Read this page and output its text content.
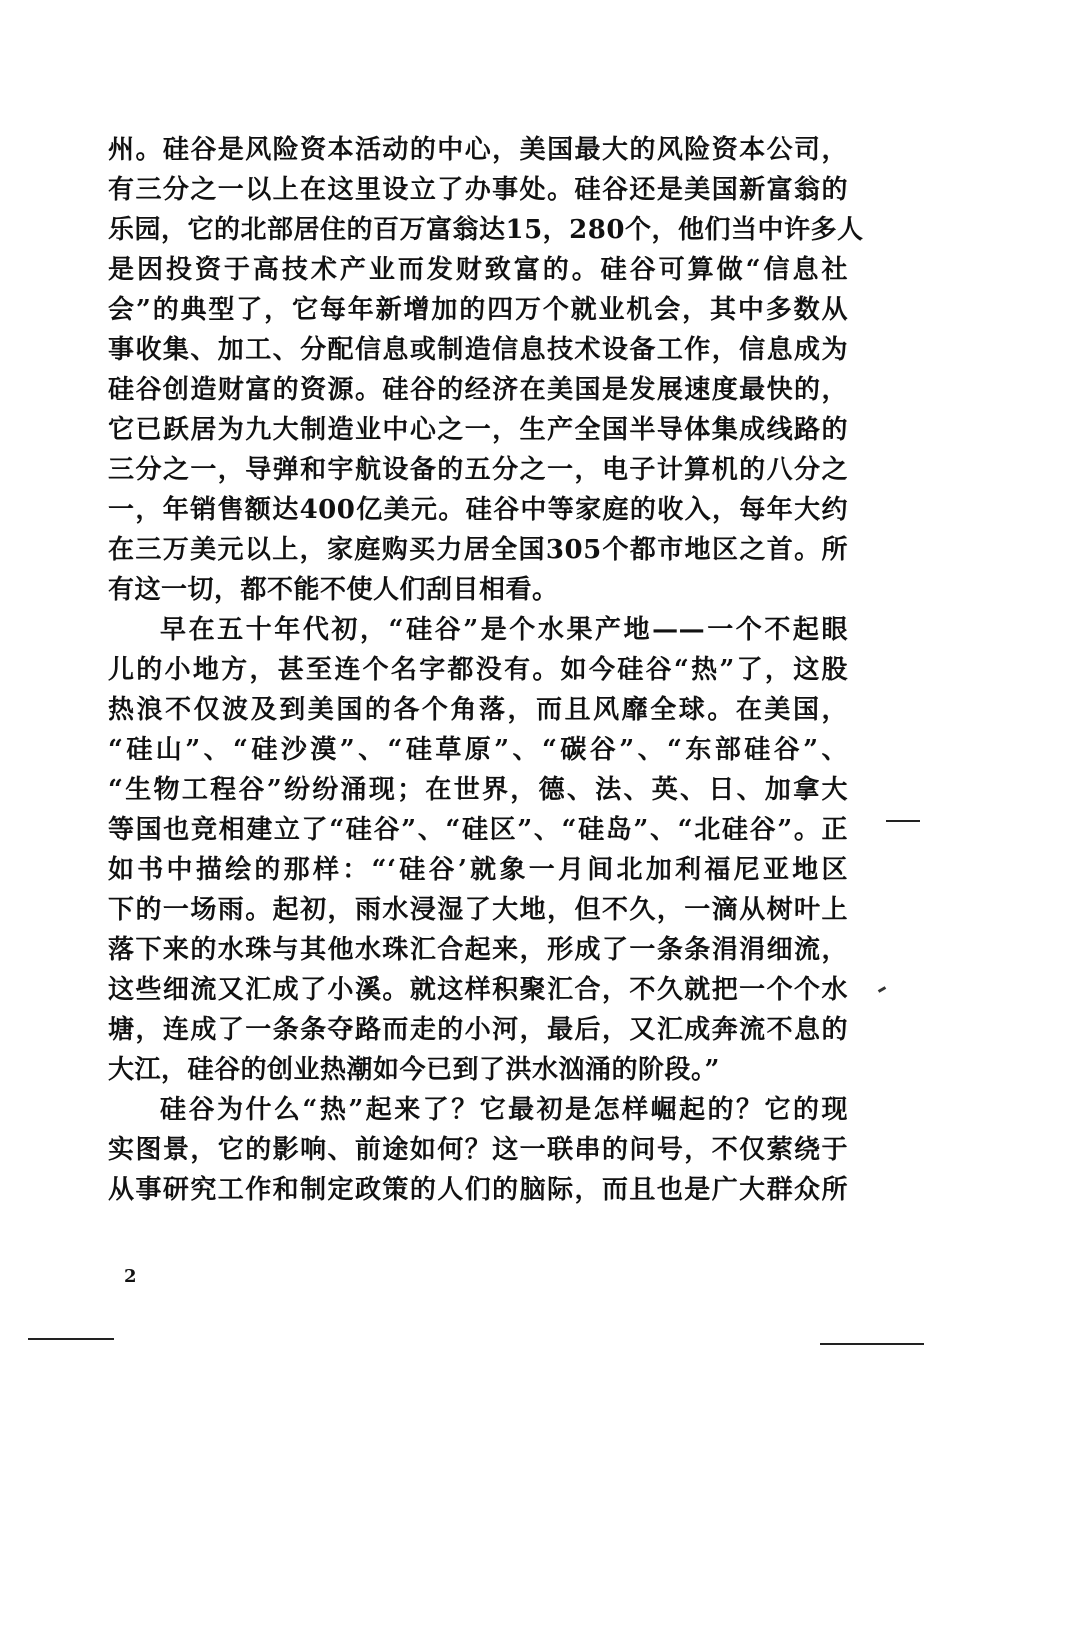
州。硅谷是风险资本活动的中心，美国最大的风险资本公司，
有三分之一以上在这里设立了办事处。硅谷还是美国新富翁的
乐园，它的北部居住的百万富翁达15，280个，他们当中许多人
是因投资于高技术产业而发财致富的。硅谷可算做“信息社
会”的典型了，它每年新增加的四万个就业机会，其中多数从
事收集、加工、分配信息或制造信息技术设备工作，信息成为
硅谷创造财富的资源。硅谷的经济在美国是发展速度最快的，
它已跃居为九大制造业中心之一，生产全国半导体集成线路的
三分之一，导弹和宇航设备的五分之一，电子计算机的八分之
一，年销售额达400亿美元。硅谷中等家庭的收入，每年大约
在三万美元以上，家庭购买力居全国305个都市地区之首。所
有这一切，都不能不使人们刮目相看。
早在五十年代初，“硅谷”是个水果产地——一个不起眼
儿的小地方，甚至连个名字都没有。如今硅谷“热”了，这股
热浪不仅波及到美国的各个角落，而且风靡全球。在美国，
“硅山”、“硅沙漠”、“硅草原”、“碳谷”、“东部硅谷”、
“生物工程谷”纷纷涌现；在世界，德、法、英、日、加拿大
等国也竞相建立了“硅谷”、“硅区”、“硅岛”、“北硅谷”。正
如书中描绘的那样：“‘硅谷’就象一月间北加利福尼亚地区
下的一场雨。起初，雨水浸湿了大地，但不久，一滴从树叶上
落下来的水珠与其他水珠汇合起来，形成了一条条涓涓细流，
这些细流又汇成了小溪。就这样积聚汇合，不久就把一个个水
塘，连成了一条条夺路而走的小河，最后，又汇成奔流不息的
大江，硅谷的创业热潮如今已到了洪水汹涌的阶段。”
硅谷为什么“热”起来了？它最初是怎样崛起的？它的现
实图景，它的影响、前途如何？这一联串的问号，不仅萦绕于
从事研究工作和制定政策的人们的脑际，而且也是广大群众所
2
